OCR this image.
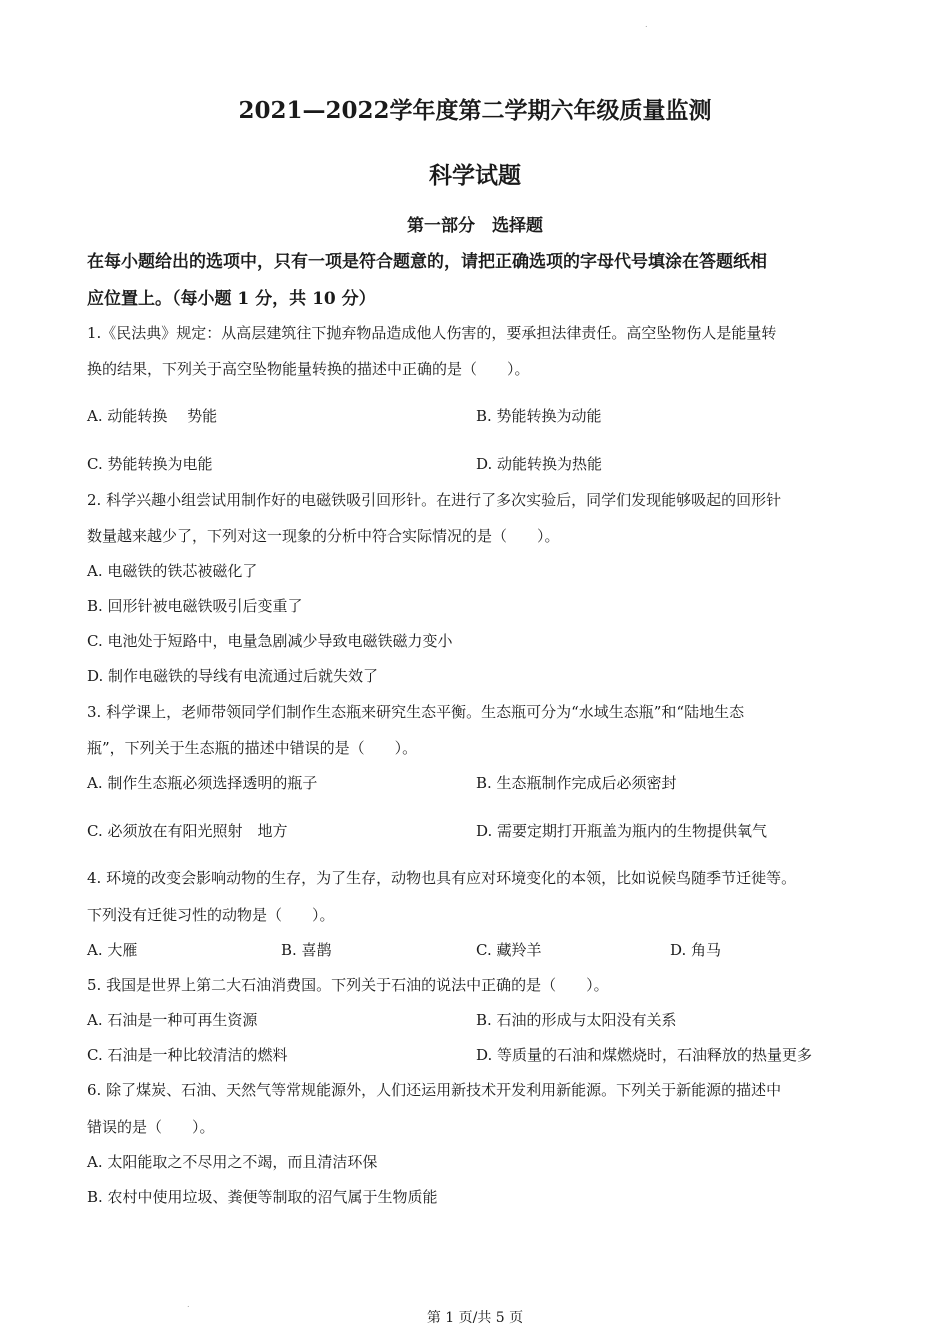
.
2021—2022学年度第二学期六年级质量监测
科学试题
第一部分　选择题
在每小题给出的选项中，只有一项是符合题意的，请把正确选项的字母代号填涂在答题纸相
应位置上。（每小题 1 分，共 10 分）
1.《民法典》规定：从高层建筑往下抛弃物品造成他人伤害的，要承担法律责任。高空坠物伤人是能量转
换的结果，下列关于高空坠物能量转换的描述中正确的是（　　）。
A. 动能转换　 势能	B. 势能转换为动能
C. 势能转换为电能	D. 动能转换为热能
2. 科学兴趣小组尝试用制作好的电磁铁吸引回形针。在进行了多次实验后，同学们发现能够吸起的回形针
数量越来越少了，下列对这一现象的分析中符合实际情况的是（　　）。
A. 电磁铁的铁芯被磁化了
B. 回形针被电磁铁吸引后变重了
C. 电池处于短路中，电量急剧减少导致电磁铁磁力变小
D. 制作电磁铁的导线有电流通过后就失效了
3. 科学课上，老师带领同学们制作生态瓶来研究生态平衡。生态瓶可分为“水域生态瓶”和“陆地生态
瓶”，下列关于生态瓶的描述中错误的是（　　）。
A. 制作生态瓶必须选择透明的瓶子	B. 生态瓶制作完成后必须密封
C. 必须放在有阳光照射　地方	D. 需要定期打开瓶盖为瓶内的生物提供氧气
4. 环境的改变会影响动物的生存，为了生存，动物也具有应对环境变化的本领，比如说候鸟随季节迁徙等。
下列没有迁徙习性的动物是（　　）。
A. 大雁	B. 喜鹊	C. 藏羚羊	D. 角马
5. 我国是世界上第二大石油消费国。下列关于石油的说法中正确的是（　　）。
A. 石油是一种可再生资源	B. 石油的形成与太阳没有关系
C. 石油是一种比较清洁的燃料	D. 等质量的石油和煤燃烧时，石油释放的热量更多
6. 除了煤炭、石油、天然气等常规能源外，人们还运用新技术开发利用新能源。下列关于新能源的描述中
错误的是（　　）。
A. 太阳能取之不尽用之不竭，而且清洁环保
B. 农村中使用垃圾、粪便等制取的沼气属于生物质能
.
第 1 页/共 5 页
